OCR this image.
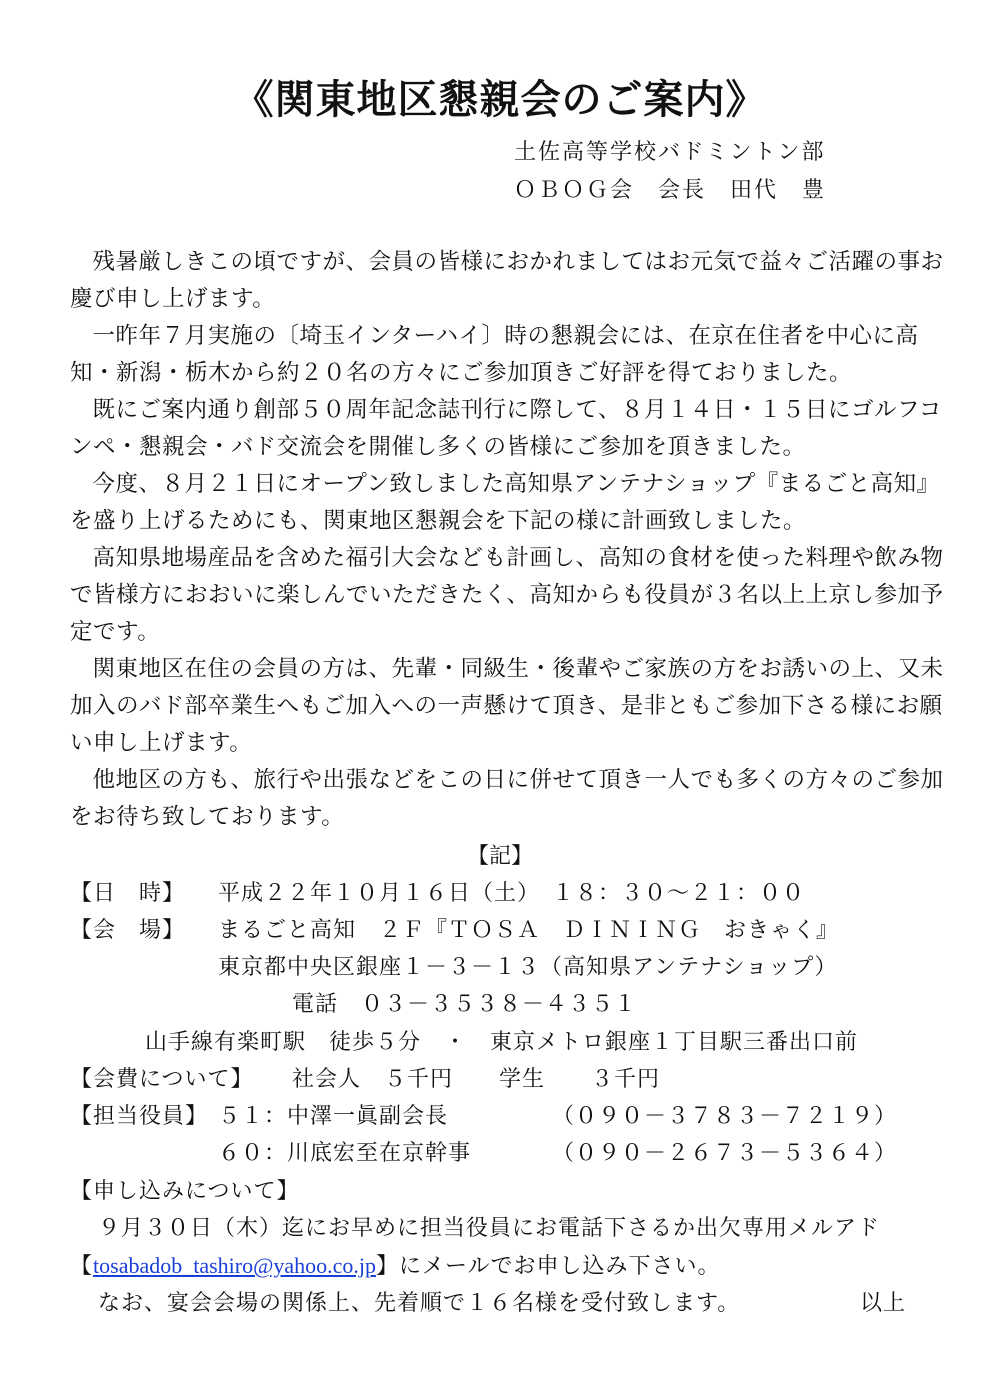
《関東地区懇親会のご案内》
土佐高等学校バドミントン部
ＯＢＯＧ会　会長　田代　豊

残暑厳しきこの頃ですが、会員の皆様におかれましてはお元気で益々ご活躍の事お慶び申し上げます。

一昨年７月実施の〔埼玉インターハイ〕時の懇親会には、在京在住者を中心に高知・新潟・栃木から約２０名の方々にご参加頂きご好評を得ておりました。

既にご案内通り創部５０周年記念誌刊行に際して、８月１４日・１５日にゴルフコンペ・懇親会・バド交流会を開催し多くの皆様にご参加を頂きました。

今度、８月２１日にオープン致しました高知県アンテナショップ『まるごと高知』を盛り上げるためにも、関東地区懇親会を下記の様に計画致しました。

高知県地場産品を含めた福引大会なども計画し、高知の食材を使った料理や飲み物で皆様方におおいに楽しんでいただきたく、高知からも役員が３名以上上京し参加予定です。

関東地区在住の会員の方は、先輩・同級生・後輩やご家族の方をお誘いの上、又未加入のバド部卒業生へもご加入への一声懸けて頂き、是非ともご参加下さる様にお願い申し上げます。

他地区の方も、旅行や出張などをこの日に併せて頂き一人でも多くの方々のご参加をお待ち致しております。

【記】
【日　時】 平成２２年１０月１６日（土）　１８：３０～２１：００
【会　場】 まるごと高知　２Ｆ『ＴＯＳＡ　ＤＩＮＩＮＧ　おきゃく』
東京都中央区銀座１－３－１３（高知県アンテナショップ）
電話　０３－３５３８－４３５１
山手線有楽町駅　徒歩５分　・　東京メトロ銀座１丁目駅三番出口前
【会費について】 社会人　５千円　　学生　　３千円
【担当役員】 ５１：中澤一眞副会長	（０９０－３７８３－７２１９）
６０：川底宏至在京幹事	（０９０－２６７３－５３６４）
【申し込みについて】
９月３０日（木）迄にお早めに担当役員にお電話下さるか出欠専用メルアド
【tosabadob_tashiro@yahoo.co.jp】にメールでお申し込み下さい。
なお、宴会会場の関係上、先着順で１６名様を受付致します。	以上
